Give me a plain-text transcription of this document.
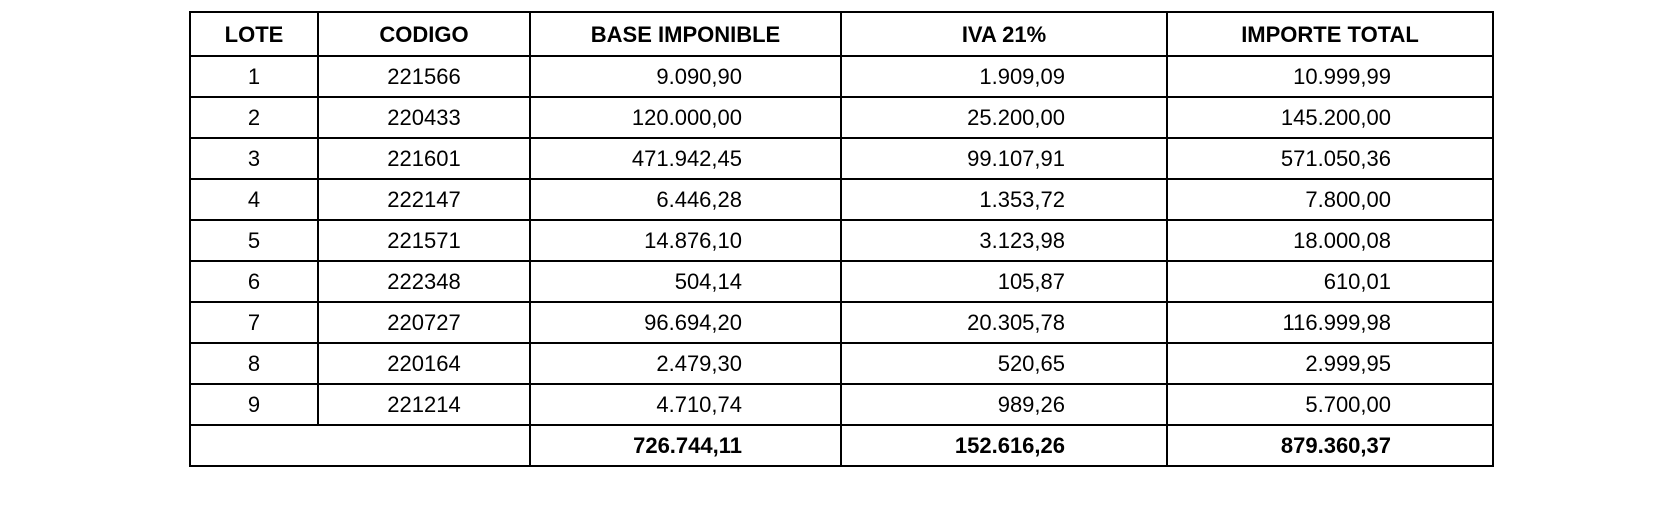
LOTE	CODIGO	BASE IMPONIBLE	IVA 21%	IMPORTE TOTAL
1	221566	9.090,90	1.909,09	10.999,99
2	220433	120.000,00	25.200,00	145.200,00
3	221601	471.942,45	99.107,91	571.050,36
4	222147	6.446,28	1.353,72	7.800,00
5	221571	14.876,10	3.123,98	18.000,08
6	222348	504,14	105,87	610,01
7	220727	96.694,20	20.305,78	116.999,98
8	220164	2.479,30	520,65	2.999,95
9	221214	4.710,74	989,26	5.700,00
		726.744,11	152.616,26	879.360,37
